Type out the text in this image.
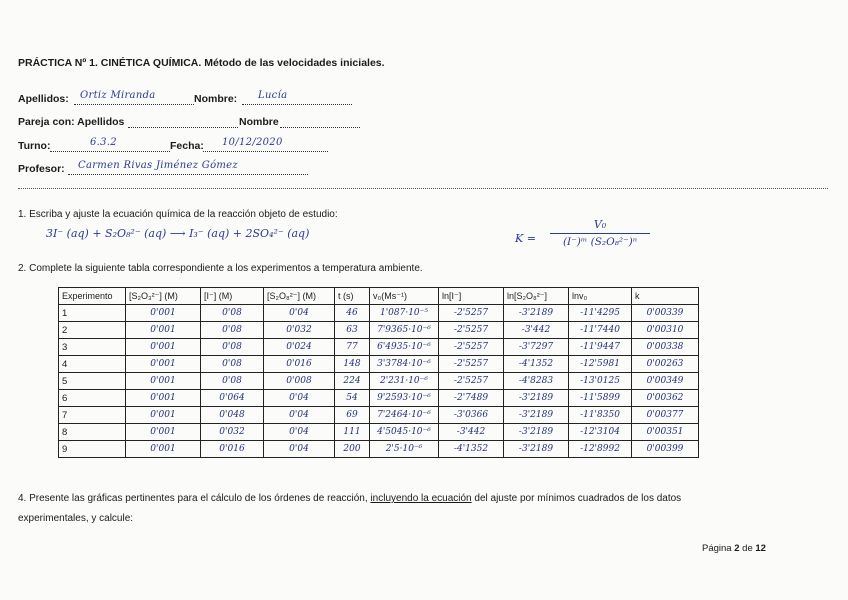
PRÁCTICA Nº 1. CINÉTICA QUÍMICA. Método de las velocidades iniciales.
Apellidos: Ortiz Miranda	Nombre: Lucía
Pareja con: Apellidos	Nombre
Turno:	6.3.2	Fecha: 10/12/2020
Profesor: Carmen Rivas Jiménez Gómez
1. Escriba y ajuste la ecuación química de la reacción objeto de estudio:
3I⁻ (aq) + S₂O₈²⁻ (aq) ⟶ I₃⁻ (aq) + 2SO₄²⁻ (aq)	K =
V₀
(I⁻)ᵐ (S₂O₈²⁻)ⁿ
2. Complete la siguiente tabla correspondiente a los experimentos a temperatura ambiente.
Experimento	[S₂O₃²⁻] (M)	[I⁻] (M)	[S₂O₈²⁻] (M)	t (s)	v₀(Ms⁻¹)	ln[I⁻]	ln[S₂O₈²⁻]	lnv₀	k
1	0'001	0'08	0'04	46	1'087·10⁻⁵	-2'5257	-3'2189	-11'4295	0'00339
2	0'001	0'08	0'032	63	7'9365·10⁻⁶	-2'5257	-3'442	-11'7440	0'00310
3	0'001	0'08	0'024	77	6'4935·10⁻⁶	-2'5257	-3'7297	-11'9447	0'00338
4	0'001	0'08	0'016	148	3'3784·10⁻⁶	-2'5257	-4'1352	-12'5981	0'00263
5	0'001	0'08	0'008	224	2'231·10⁻⁶	-2'5257	-4'8283	-13'0125	0'00349
6	0'001	0'064	0'04	54	9'2593·10⁻⁶	-2'7489	-3'2189	-11'5899	0'00362
7	0'001	0'048	0'04	69	7'2464·10⁻⁶	-3'0366	-3'2189	-11'8350	0'00377
8	0'001	0'032	0'04	111	4'5045·10⁻⁶	-3'442	-3'2189	-12'3104	0'00351
9	0'001	0'016	0'04	200	2'5·10⁻⁶	-4'1352	-3'2189	-12'8992	0'00399
4. Presente las gráficas pertinentes para el cálculo de los órdenes de reacción, incluyendo la ecuación del ajuste por mínimos cuadrados de los datos
experimentales, y calcule:
Página 2 de 12
